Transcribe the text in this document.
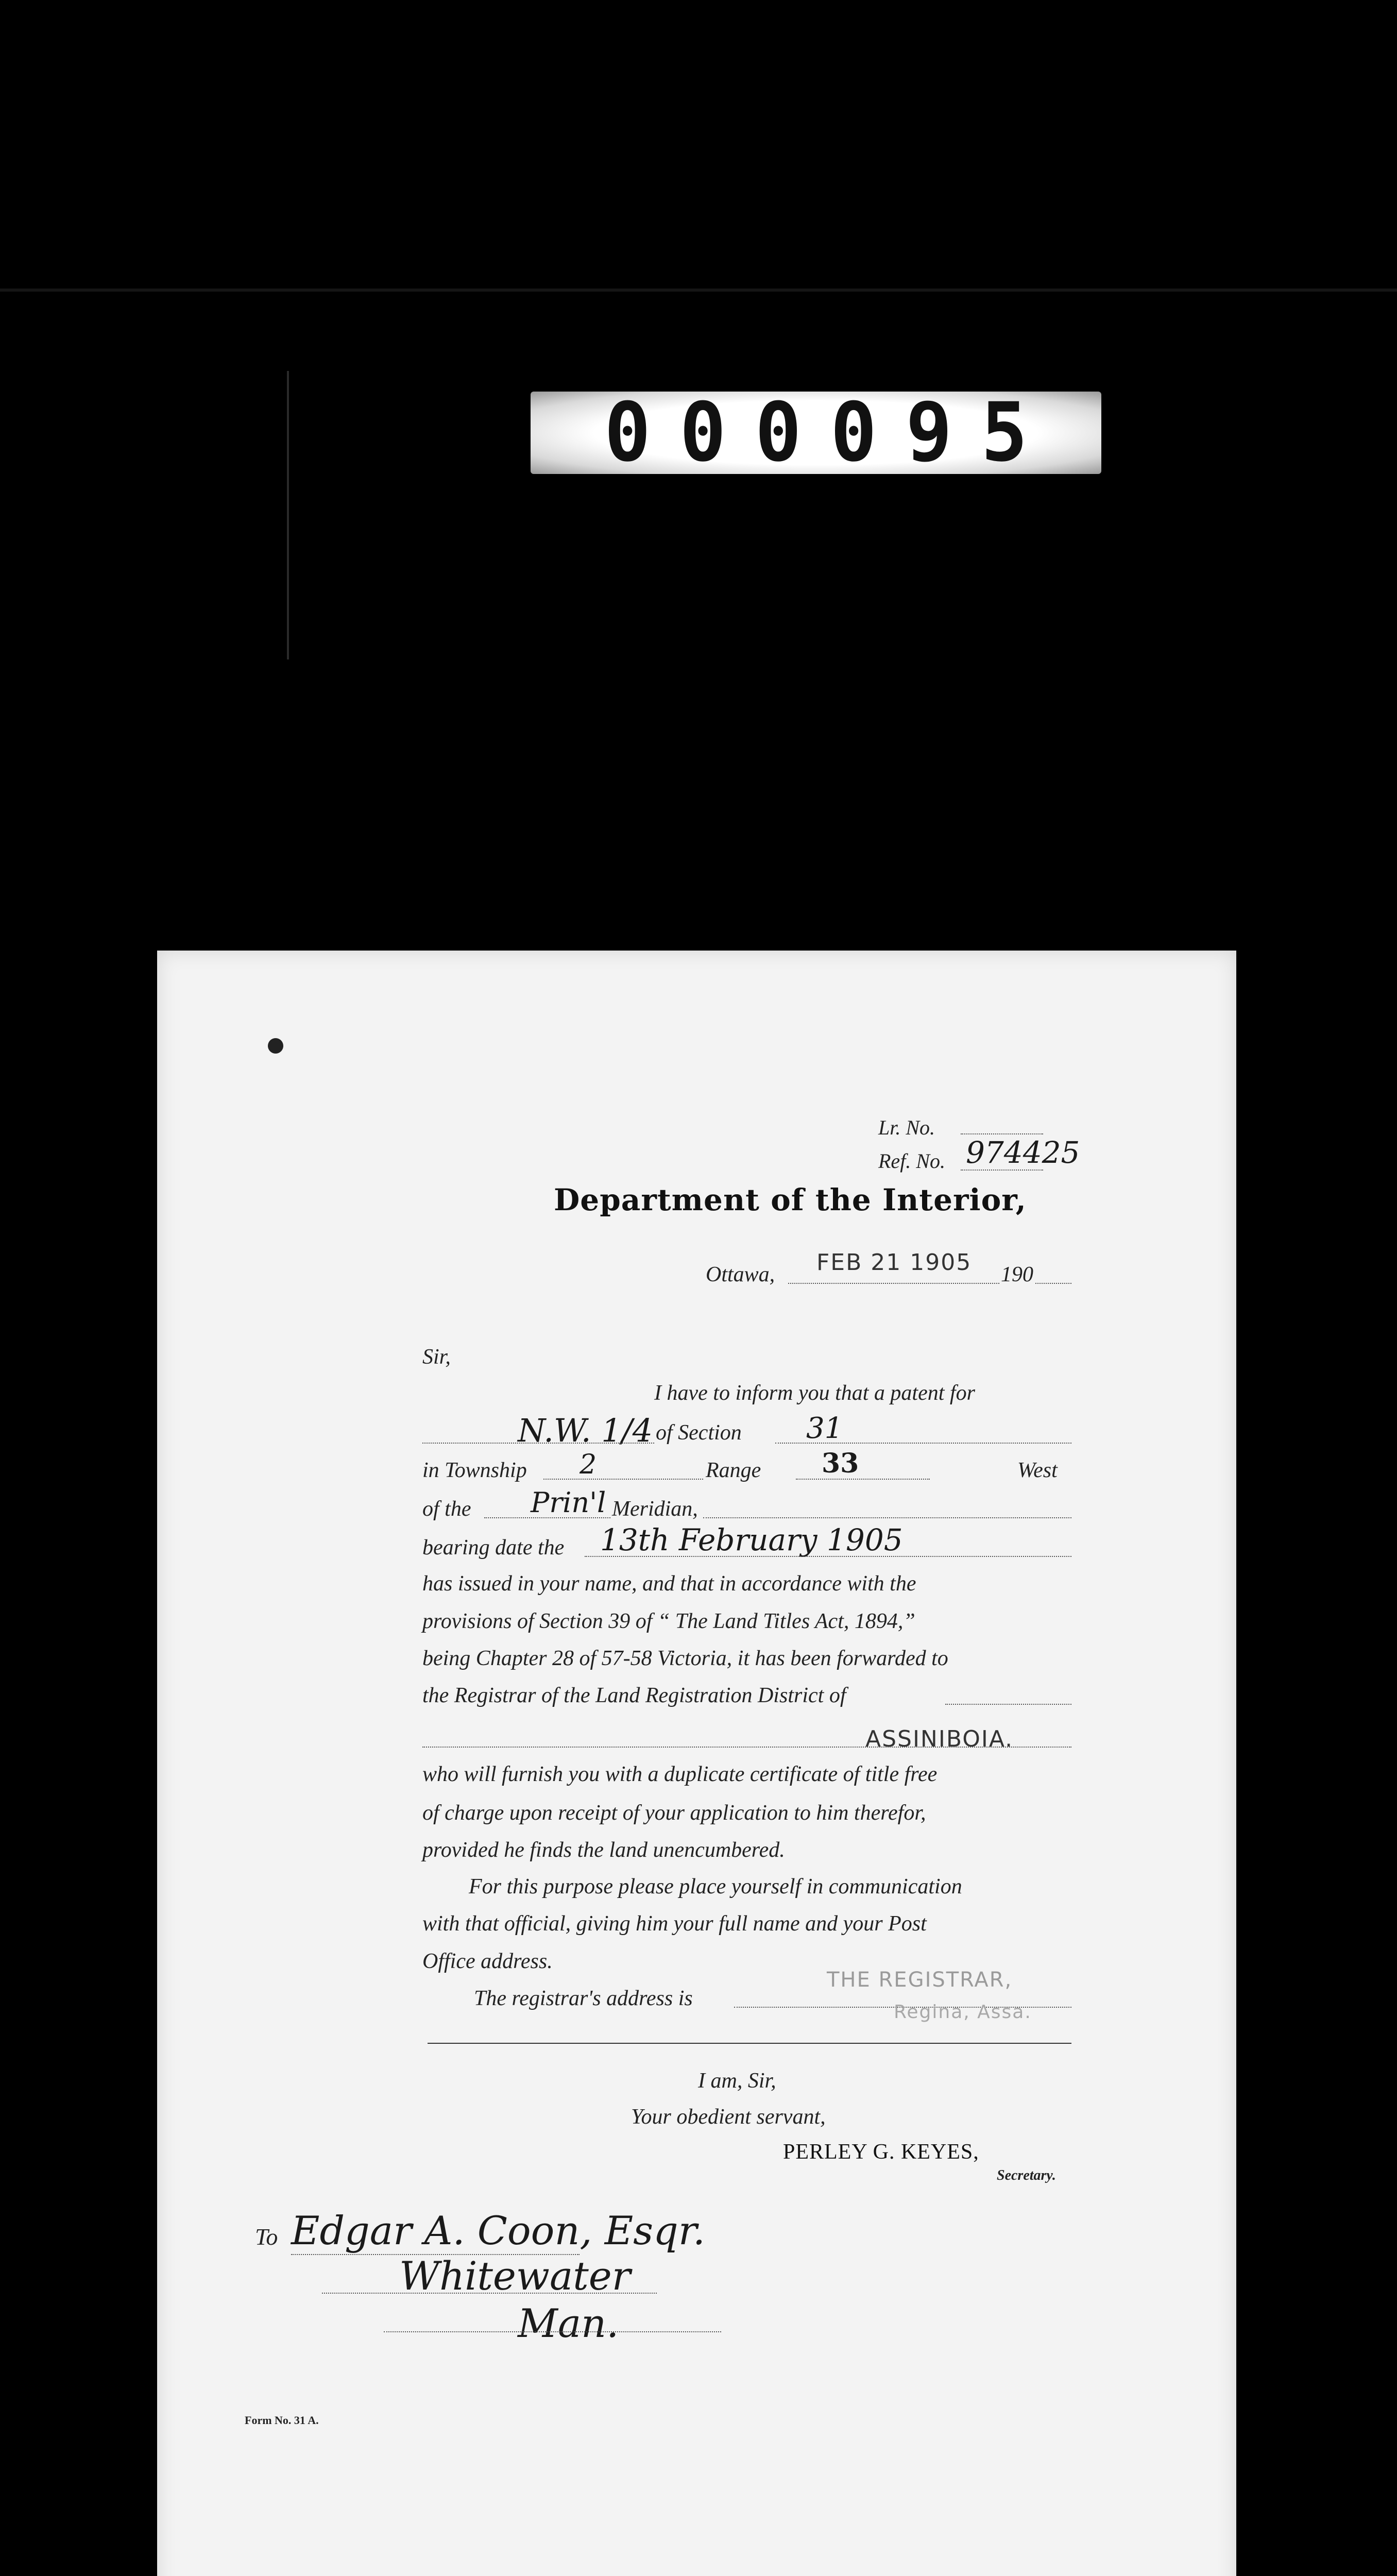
000095
Lr. No.
Ref. No. 974425
Department of the Interior,
Ottawa, FEB 21 1905 190
Sir,
I have to inform you that a patent for
N.W. 1/4 of Section 31
in Township 2	Range 33	West
of the Prin'l Meridian,
bearing date the 13th February 1905
has issued in your name, and that in accordance with the
provisions of Section 39 of “ The Land Titles Act, 1894,”
being Chapter 28 of 57-58 Victoria, it has been forwarded to
the Registrar of the Land Registration District of
ASSINIBOIA.
who will furnish you with a duplicate certificate of title free
of charge upon receipt of your application to him therefor,
provided he finds the land unencumbered.
For this purpose please place yourself in communication
with that official, giving him your full name and your Post
Office address.
The registrar's address is
THE REGISTRAR,
Regina, Assa.
I am, Sir,
Your obedient servant,
PERLEY G. KEYES,
Secretary.
To Edgar A. Coon, Esqr.
Whitewater
Man.
Form No. 31 A.
